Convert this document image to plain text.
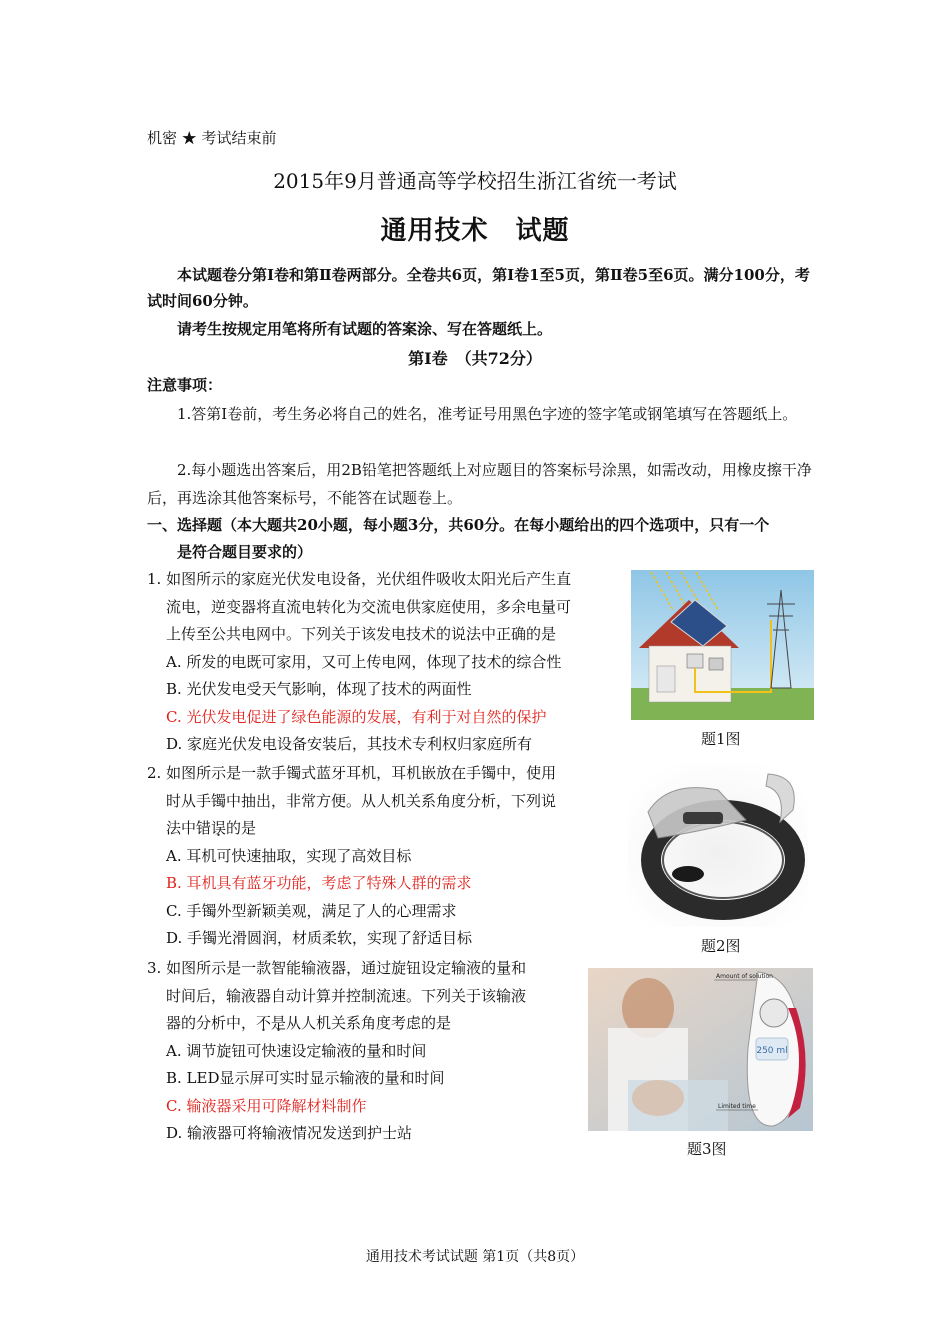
机密 ★ 考试结束前
2015年9月普通高等学校招生浙江省统一考试
通用技术　试题
本试题卷分第Ⅰ卷和第Ⅱ卷两部分。全卷共6页，第Ⅰ卷1至5页，第Ⅱ卷5至6页。满分100分，考试时间60分钟。
请考生按规定用笔将所有试题的答案涂、写在答题纸上。
第Ⅰ卷　（共72分）
注意事项：
1.答第Ⅰ卷前，考生务必将自己的姓名，准考证号用黑色字迹的签字笔或钢笔填写在答题纸上。
2.每小题选出答案后，用2B铅笔把答题纸上对应题目的答案标号涂黑，如需改动，用橡皮擦干净后，再选涂其他答案标号，不能答在试题卷上。
一、选择题（本大题共20小题，每小题3分，共60分。在每小题给出的四个选项中，只有一个
是符合题目要求的）
1. 如图所示的家庭光伏发电设备，光伏组件吸收太阳光后产生直
流电，逆变器将直流电转化为交流电供家庭使用，多余电量可
上传至公共电网中。下列关于该发电技术的说法中正确的是
A. 所发的电既可家用，又可上传电网，体现了技术的综合性
B. 光伏发电受天气影响，体现了技术的两面性
C. 光伏发电促进了绿色能源的发展，有利于对自然的保护
D. 家庭光伏发电设备安装后，其技术专利权归家庭所有	题1图
2. 如图所示是一款手镯式蓝牙耳机，耳机嵌放在手镯中，使用
时从手镯中抽出，非常方便。从人机关系角度分析，下列说
法中错误的是
A. 耳机可快速抽取，实现了高效目标
B. 耳机具有蓝牙功能，考虑了特殊人群的需求
C. 手镯外型新颖美观，满足了人的心理需求
D. 手镯光滑圆润，材质柔软，实现了舒适目标	题2图
3. 如图所示是一款智能输液器，通过旋钮设定输液的量和
时间后，输液器自动计算并控制流速。下列关于该输液
器的分析中，不是从人机关系角度考虑的是
A. 调节旋钮可快速设定输液的量和时间
B. LED显示屏可实时显示输液的量和时间
C. 输液器采用可降解材料制作
D. 输液器可将输液情况发送到护士站
250 ml
Amount of solution
Limited time
题3图
通用技术考试试题 第1页（共8页）
